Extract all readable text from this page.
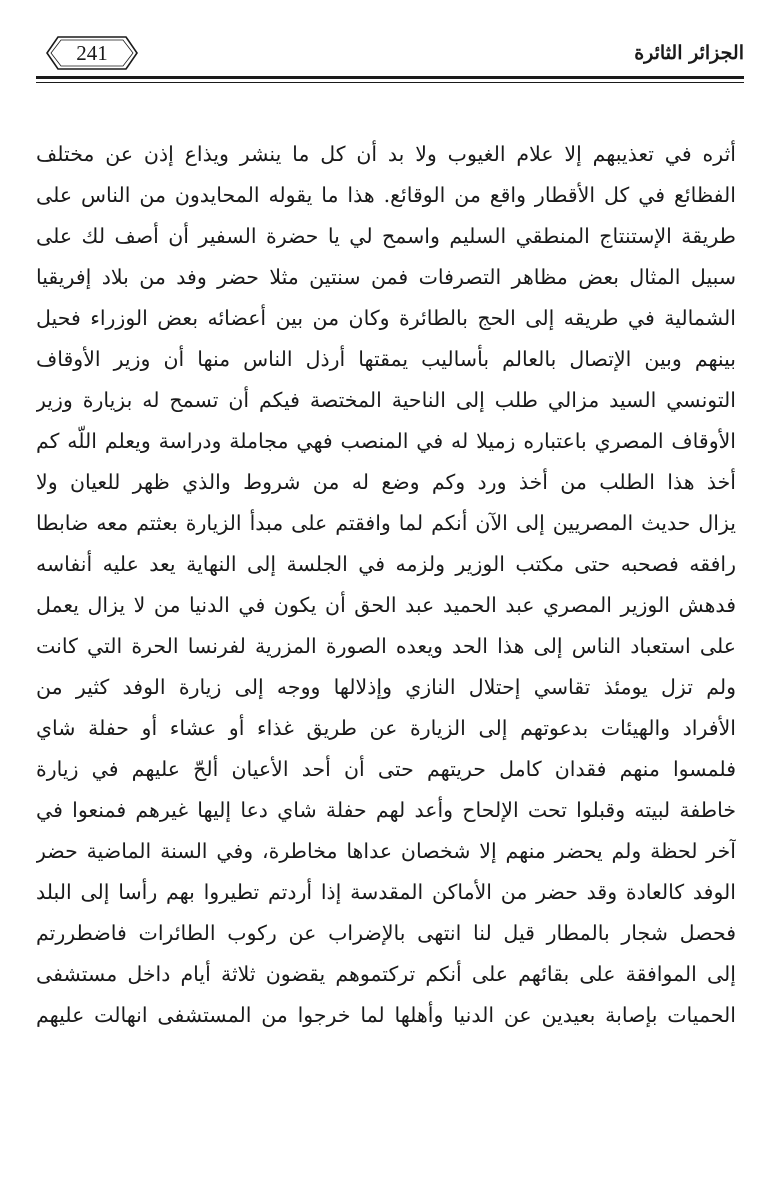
241	الجزائر الثائرة
أثره في تعذيبهم إلا علام الغيوب ولا بد أن كل ما ينشر ويذاع إذن عن مختلف
الفظائع في كل الأقطار واقع من الوقائع. هذا ما يقوله المحايدون من الناس على
طريقة الإستنتاج المنطقي السليم واسمح لي يا حضرة السفير أن أصف لك على
سبيل المثال بعض مظاهر التصرفات فمن سنتين مثلا حضر وفد من بلاد إفريقيا
الشمالية في طريقه إلى الحج بالطائرة وكان من بين أعضائه بعض الوزراء فحيل
بينهم وبين الإتصال بالعالم بأساليب يمقتها أرذل الناس منها أن وزير الأوقاف
التونسي السيد مزالي طلب إلى الناحية المختصة فيكم أن تسمح له بزيارة وزير
الأوقاف المصري باعتباره زميلا له في المنصب فهي مجاملة ودراسة ويعلم اللّه كم
أخذ هذا الطلب من أخذ ورد وكم وضع له من شروط والذي ظهر للعيان ولا
يزال حديث المصريين إلى الآن أنكم لما وافقتم على مبدأ الزيارة بعثتم معه ضابطا
رافقه فصحبه حتى مكتب الوزير ولزمه في الجلسة إلى النهاية يعد عليه أنفاسه
فدهش الوزير المصري عبد الحميد عبد الحق أن يكون في الدنيا من لا يزال يعمل
على استعباد الناس إلى هذا الحد ويعده الصورة المزرية لفرنسا الحرة التي كانت
ولم تزل يومئذ تقاسي إحتلال النازي وإذلالها ووجه إلى زيارة الوفد كثير من
الأفراد والهيئات بدعوتهم إلى الزيارة عن طريق غذاء أو عشاء أو حفلة شاي
فلمسوا منهم فقدان كامل حريتهم حتى أن أحد الأعيان ألحّ عليهم في زيارة
خاطفة لبيته وقبلوا تحت الإلحاح وأعد لهم حفلة شاي دعا إليها غيرهم فمنعوا في
آخر لحظة ولم يحضر منهم إلا شخصان عداها مخاطرة، وفي السنة الماضية حضر
الوفد كالعادة وقد حضر من الأماكن المقدسة إذا أردتم تطيروا بهم رأسا إلى البلد
فحصل شجار بالمطار قيل لنا انتهى بالإضراب عن ركوب الطائرات فاضطررتم
إلى الموافقة على بقائهم على أنكم تركتموهم يقضون ثلاثة أيام داخل مستشفى
الحميات بإصابة بعيدين عن الدنيا وأهلها لما خرجوا من المستشفى انهالت عليهم
